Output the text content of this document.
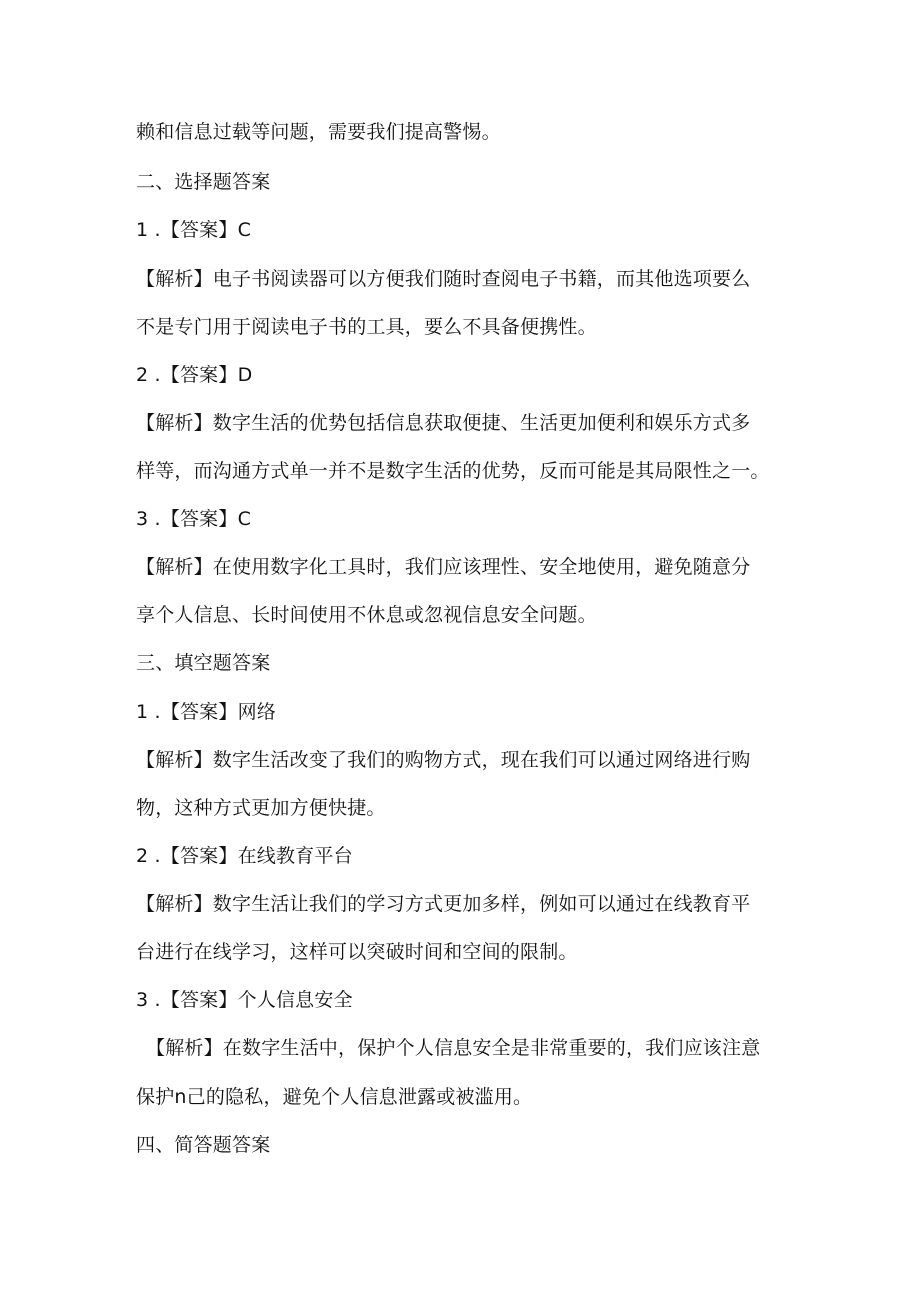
赖和信息过载等问题，需要我们提高警惕。
二、选择题答案
1 .【答案】C
【解析】电子书阅读器可以方便我们随时查阅电子书籍，而其他选项要么
不是专门用于阅读电子书的工具，要么不具备便携性。
2 .【答案】D
【解析】数字生活的优势包括信息获取便捷、生活更加便利和娱乐方式多
样等，而沟通方式单一并不是数字生活的优势，反而可能是其局限性之一。
3 .【答案】C
【解析】在使用数字化工具时，我们应该理性、安全地使用，避免随意分
享个人信息、长时间使用不休息或忽视信息安全问题。
三、填空题答案
1 .【答案】网络
【解析】数字生活改变了我们的购物方式，现在我们可以通过网络进行购
物，这种方式更加方便快捷。
2 .【答案】在线教育平台
【解析】数字生活让我们的学习方式更加多样，例如可以通过在线教育平
台进行在线学习，这样可以突破时间和空间的限制。
3 .【答案】个人信息安全
【解析】在数字生活中，保护个人信息安全是非常重要的，我们应该注意
保护n己的隐私，避免个人信息泄露或被滥用。
四、简答题答案
